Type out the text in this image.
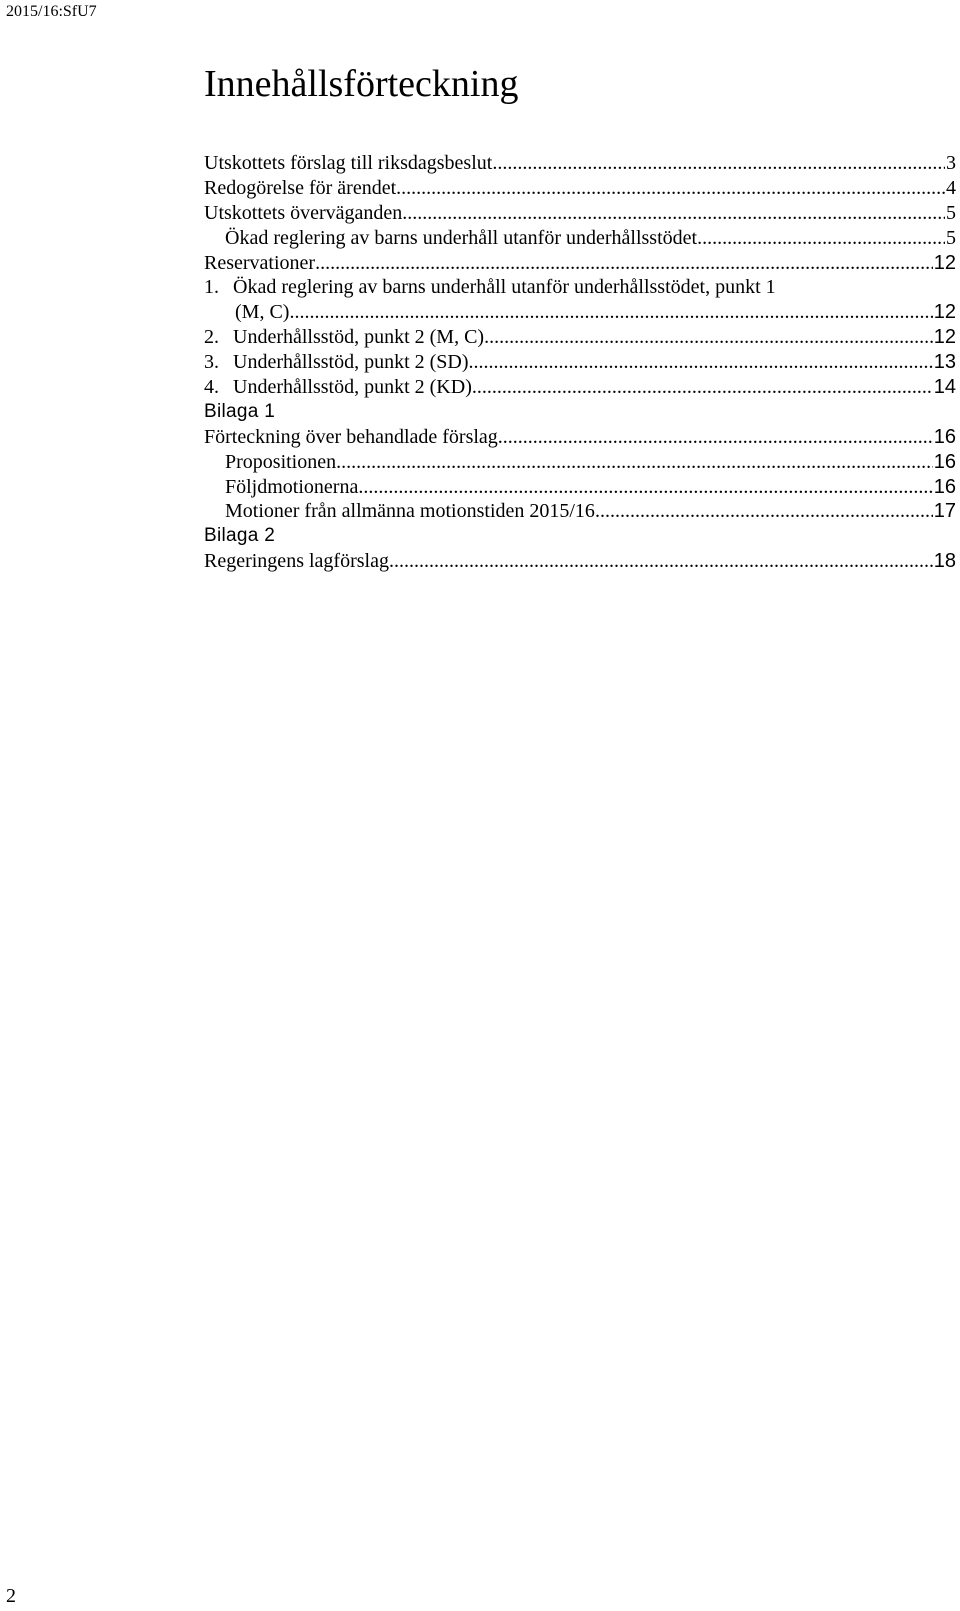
2015/16:SfU7
Innehållsförteckning
Utskottets förslag till riksdagsbeslut .....	3
Redogörelse för ärendet .....	4
Utskottets överväganden .....	5
Ökad reglering av barns underhåll utanför underhållsstödet .....	5
Reservationer .....	12
1. Ökad reglering av barns underhåll utanför underhållsstödet, punkt 1
(M, C) .....	12
2. Underhållsstöd, punkt 2 (M, C) .....	12
3. Underhållsstöd, punkt 2 (SD) .....	13
4. Underhållsstöd, punkt 2 (KD) .....	14
Bilaga 1
Förteckning över behandlade förslag .....	16
Propositionen .....	16
Följdmotionerna .....	16
Motioner från allmänna motionstiden 2015/16 .....	17
Bilaga 2
Regeringens lagförslag .....	18
2
